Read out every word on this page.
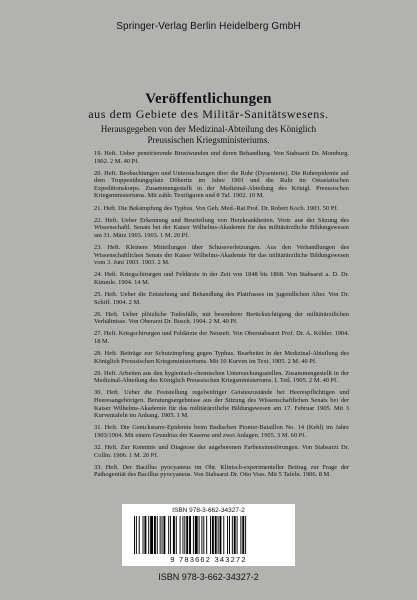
Springer-Verlag Berlin Heidelberg GmbH
Veröffentlichungen
aus dem Gebiete des Militär-Sanitätswesens.
Herausgegeben von der Medizinal-Abteilung des Königlich
Preussischen Kriegsministeriums.
19. Heft. Ueber penetrierende Brustwunden und deren Behandlung. Von Stabsarzt Dr. Momburg. 1902. 2 M. 40 Pf.
20. Heft. Beobachtungen und Untersuchungen über die Ruhr (Dysenterie). Die Ruhrepidemie auf dem Truppenübungsplatz Döberitz im Jahre 1901 und die Ruhr im Ostasiatischen Expeditionskorps. Zusammengestellt in der Medizinal-Abteilung des Königl. Preussischen Kriegsministeriums. Mit zahlr. Textfiguren und 8 Taf. 1902. 10 M.
21. Heft. Die Bekämpfung des Typhus. Von Geh. Med.-Rat Prof. Dr. Robert Koch. 1903. 50 Pf.
22. Heft. Ueber Erkennung und Beurteilung von Herzkrankheiten. Vortr. aus der Sitzung des Wissenschaftl. Senats bei der Kaiser Wilhelms-Akademie für das militärärztliche Bildungswesen am 31. März 1903. 1903. 1 M. 20 Pf.
23. Heft. Kleinere Mitteilungen über Schussverletzungen. Aus den Verhandlungen des Wissenschaftlichen Senats der Kaiser Wilhelms-Akademie für das militärärztliche Bildungswesen vom 3. Juni 1903. 1903. 2 M.
24. Heft. Kriegschirurgen und Feldärzte in der Zeit von 1848 bis 1868. Von Stabsarzt a. D. Dr. Kimmle. 1904. 14 M.
25. Heft. Ueber die Entstehung und Behandlung des Plattfusses im jugendlichen Alter. Von Dr. Schiff. 1904. 2 M.
26. Heft. Ueber plötzliche Todesfälle, mit besonderer Berücksichtigung der militärärztlichen Verhältnisse. Von Oberarzt Dr. Busch. 1904. 2 M. 40 Pf.
27. Heft. Kriegschirurgen und Feldärzte der Neuzeit. Von Oberstabsarzt Prof. Dr. A. Köhler. 1904. 18 M.
28. Heft. Beiträge zur Schutzimpfung gegen Typhus. Bearbeitet in der Medizinal-Abteilung des Königlich Preussischen Kriegsministeriums. Mit 10 Kurven im Text. 1905. 2 M. 40 Pf.
29. Heft. Arbeiten aus den hygienisch-chemischen Untersuchungsstellen. Zusammengestellt in der Medizinal-Abteilung des Königlich Preussischen Kriegsministeriums. I. Teil. 1905. 2 M. 40 Pf.
30. Heft. Ueber die Feststellung regelwidriger Geisteszustände bei Heerespflichtigen und Heeresangehörigen. Beratungsergebnisse aus der Sitzung des Wissenschaftlichen Senats bei der Kaiser Wilhelms-Akademie für das militärärztliche Bildungswesen am 17. Februar 1905. Mit 3 Kurventafeln im Anhang. 1905. 1 M.
31. Heft. Die Genickstarre-Epidemie beim Badischen Pionier-Bataillon No. 14 (Kehl) im Jahre 1903/1904. Mit einem Grundriss der Kaserne und zwei Anlagen. 1905. 3 M. 60 Pf.
32. Heft. Zur Kenntnis und Diagnose der angeborenen Farbensinnstörungen. Von Stabsarzt Dr. Collin. 1906. 1 M. 20 Pf.
33. Heft. Der Bacillus pyocyaneus im Ohr. Klinisch-experimenteller Beitrag zur Frage der Pathogenität des Bacillus pyocyaneus. Von Stabsarzt Dr. Otto Voss. Mit 5 Tafeln. 1906. 8 M.
ISBN 978-3-662-34327-2
9 783662 343272
ISBN 978-3-662-34327-2
